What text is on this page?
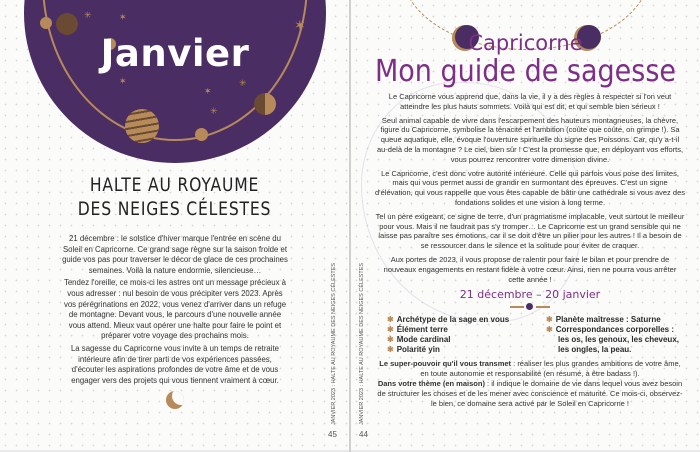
✳	✶	✶
✶
✶
✳
✳
Janvier
HALTE AU ROYAUME
DES NEIGES CÉLESTES

21 décembre : le solstice d'hiver marque l'entrée en scène du Soleil en Capricorne. Ce grand sage règne sur la saison froide et guide vos pas pour traverser le décor de glace de ces prochaines semaines. Voilà la nature endormie, silencieuse…

Tendez l'oreille, ce mois-ci les astres ont un message précieux à vous adresser : nul besoin de vous précipiter vers 2023. Après vos pérégrinations en 2022, vous venez d'arriver dans un refuge de montagne. Devant vous, le parcours d'une nouvelle année vous attend. Mieux vaut opérer une halte pour faire le point et préparer votre voyage des prochains mois.

La sagesse du Capricorne vous invite à un temps de retraite intérieure afin de tirer parti de vos expériences passées, d'écouter les aspirations profondes de votre âme et de vous engager vers des projets qui vous tiennent vraiment à cœur.	JANVIER 2023 : HALTE AU ROYAUME DES NEIGES CÉLESTES
45
Capricorne
Mon guide de sagesse

Le Capricorne vous apprend que, dans la vie, il y a des règles à respecter si l'on veut atteindre les plus hauts sommets. Voilà qui est dit, et qui semble bien sérieux !

Seul animal capable de vivre dans l'escarpement des hauteurs montagneuses, la chèvre, figure du Capricorne, symbolise la ténacité et l'ambition (coûte que coûte, on grimpe !). Sa queue aquatique, elle, évoque l'ouverture spirituelle du signe des Poissons. Car, qu'y a-t-il au-delà de la montagne ? Le ciel, bien sûr ! C'est la promesse que, en déployant vos efforts, vous pourrez rencontrer votre dimension divine.

Le Capricorne, c'est donc votre autorité intérieure. Celle qui parfois vous pose des limites, mais qui vous permet aussi de grandir en surmontant des épreuves. C'est un signe d'élévation, qui vous rappelle que vous êtes capable de bâtir une cathédrale si vous avez des fondations solides et une vision à long terme.

Tel un père exigeant, ce signe de terre, d'un pragmatisme implacable, veut surtout le meilleur pour vous. Mais il ne faudrait pas s'y tromper… Le Capricorne est un grand sensible qui ne laisse pas paraître ses émotions, car il se doit d'être un pilier pour les autres ! Il a besoin de se ressourcer dans le silence et la solitude pour éviter de craquer.

Aux portes de 2023, il vous propose de ralentir pour faire le bilan et pour prendre de nouveaux engagements en restant fidèle à votre cœur. Ainsi, rien ne pourra vous arrêter cette année !

21 décembre – 20 janvier
✱ Archétype de la sage en vous
✱ Élément terre
✱ Mode cardinal
✱ Polarité yin
✱ Planète maîtresse : Saturne
✱ Correspondances corporelles :
les os, les genoux, les cheveux,
les ongles, la peau.
Le super-pouvoir qu'il vous transmet : réaliser les plus grandes ambitions de votre âme, en toute autonomie et responsabilité (en résumé, à être badass !).
Dans votre thème (en maison) : il indique le domaine de vie dans lequel vous avez besoin de structurer les choses et de les mener avec conscience et maturité. Ce mois-ci, observez-le bien, ce domaine sera activé par le Soleil en Capricorne !
JANVIER 2023 : HALTE AU ROYAUME DES NEIGES CÉLESTES
44
